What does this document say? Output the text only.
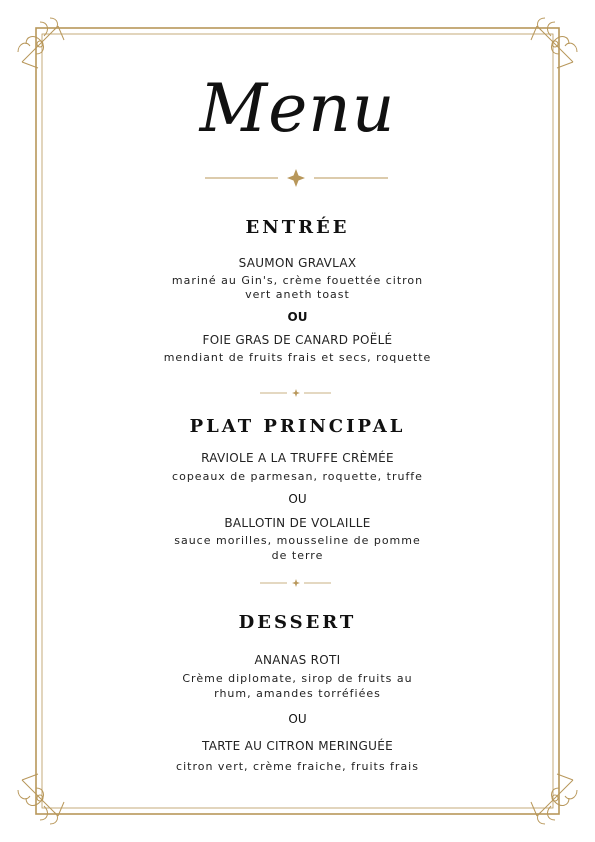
Menu
ENTRÉE
SAUMON GRAVLAX
mariné au Gin's, crème fouettée citron
vert aneth toast
OU
FOIE GRAS DE CANARD POËLÉ
mendiant de fruits frais et secs, roquette
PLAT PRINCIPAL
RAVIOLE A LA TRUFFE CRÈMÉE
copeaux de parmesan, roquette, truffe
OU
BALLOTIN DE VOLAILLE
sauce morilles, mousseline de pomme
de terre
DESSERT
ANANAS ROTI
Crème diplomate, sirop de fruits au
rhum, amandes torréfiées
OU
TARTE AU CITRON MERINGUÉE
citron vert, crème fraiche, fruits frais
